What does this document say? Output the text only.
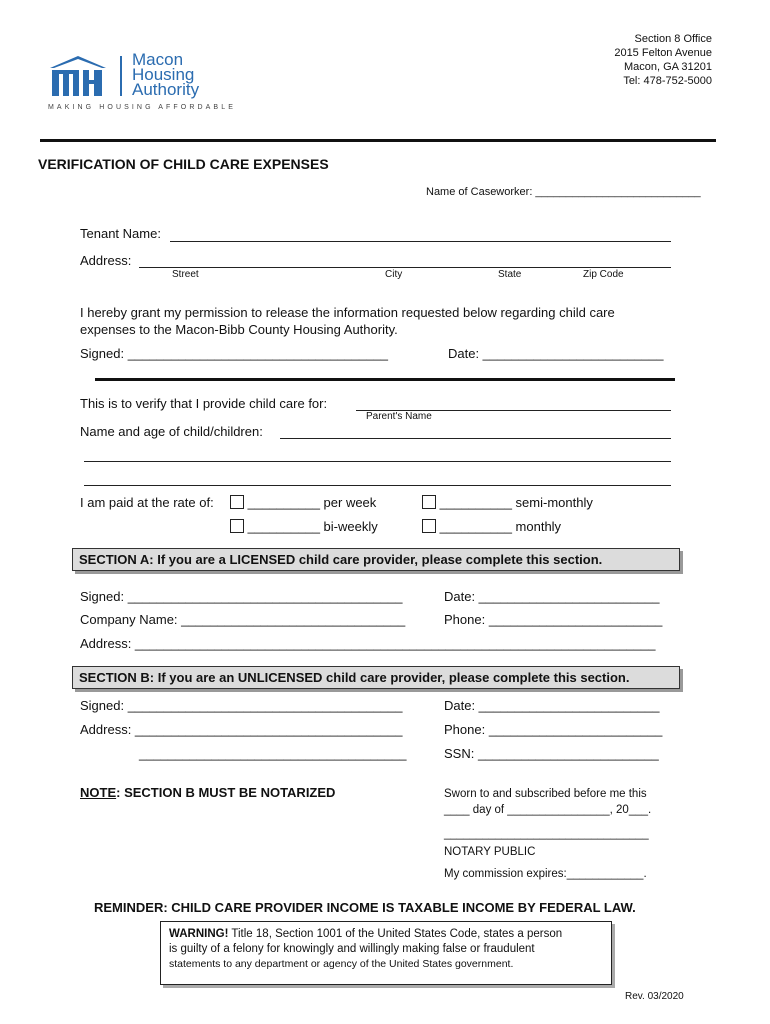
Macon
Housing
Authority
MAKING HOUSING AFFORDABLE
Section 8 Office
2015 Felton Avenue
Macon, GA 31201
Tel: 478-752-5000
VERIFICATION OF CHILD CARE EXPENSES
Name of Caseworker: ___________________________
Tenant Name:
Address:
Street	City	State	Zip Code
I hereby grant my permission to release the information requested below regarding child care
expenses to the Macon-Bibb County Housing Authority.
Signed: ____________________________________	Date: _________________________
This is to verify that I provide child care for:
Parent's Name
Name and age of child/children:
I am paid at the rate of:	__________ per week	__________ semi-monthly
__________ bi-weekly	__________ monthly
SECTION A: If you are a LICENSED child care provider, please complete this section.
Signed: ______________________________________	Date: _________________________
Company Name: _______________________________	Phone: ________________________
Address: ________________________________________________________________________
SECTION B: If you are an UNLICENSED child care provider, please complete this section.
Signed: ______________________________________	Date: _________________________
Address: _____________________________________	Phone: ________________________
_____________________________________	SSN: _________________________
NOTE: SECTION B MUST BE NOTARIZED	Sworn to and subscribed before me this
____ day of ________________, 20___.
________________________________
NOTARY PUBLIC
My commission expires:____________.
REMINDER: CHILD CARE PROVIDER INCOME IS TAXABLE INCOME BY FEDERAL LAW.
WARNING! Title 18, Section 1001 of the United States Code, states a person
is guilty of a felony for knowingly and willingly making false or fraudulent
statements to any department or agency of the United States government.
Rev. 03/2020
